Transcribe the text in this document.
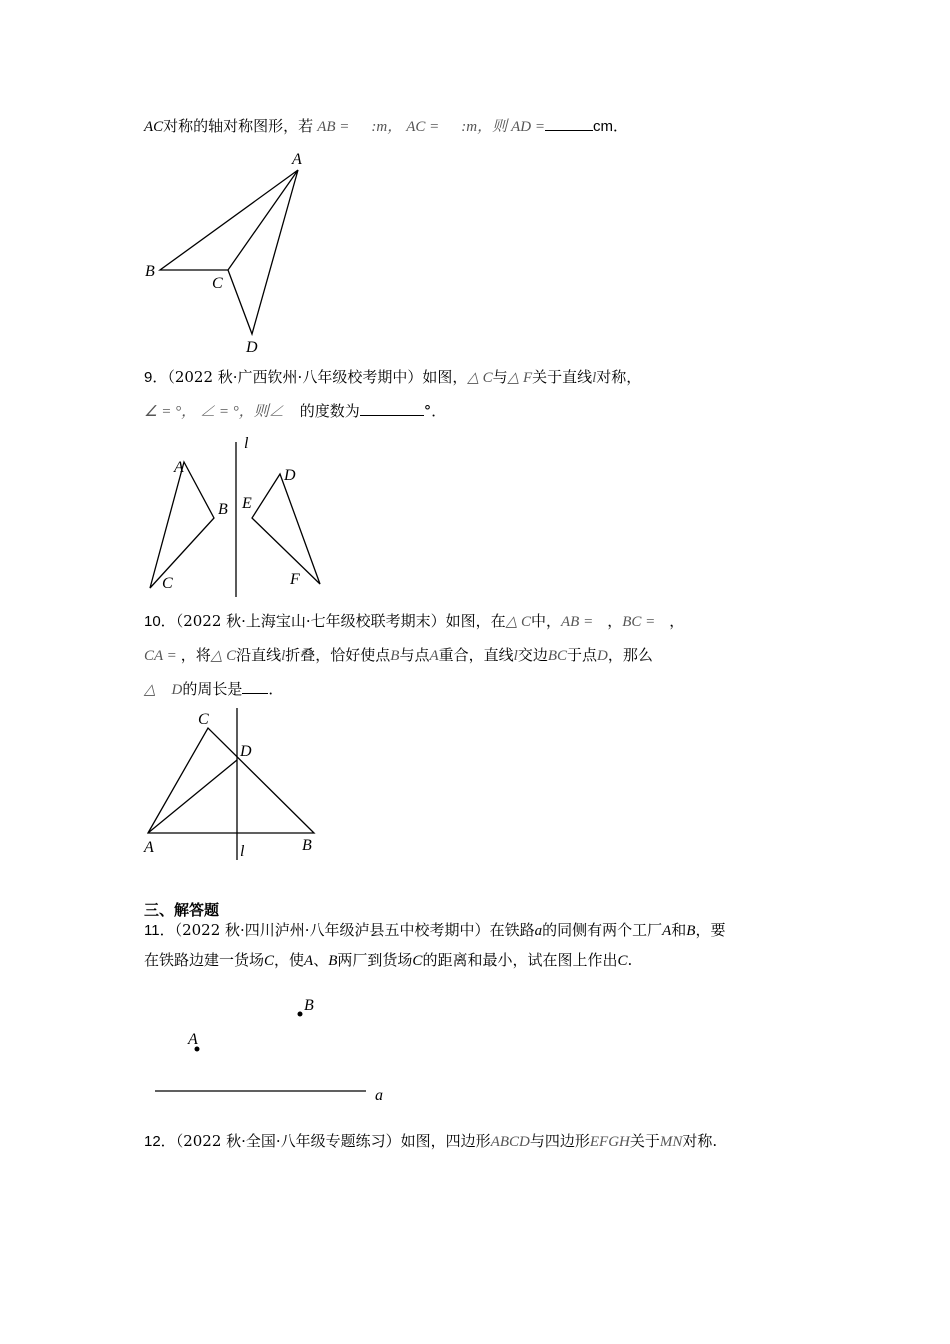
AC对称的轴对称图形，若 AB = :m， AC = :m，则 AD =	cm．
A
B
C
D
9．（2022 秋·广西钦州·八年级校考期中）如图，△ C与△ F关于直线l对称，
∠ = °， ∠ = °，则∠ 的度数为	°．
l
A
B
C
D
E
F
10．（2022 秋·上海宝山·七年级校联考期末）如图，在△ C中，AB = ，BC = ，
CA = ，将△ C沿直线l折叠，恰好使点B与点A重合，直线l交边BC于点D，那么
△ D的周长是 ．
C
D
A	B
l
三、解答题
11．（2022 秋·四川泸州·八年级泸县五中校考期中）在铁路a的同侧有两个工厂A和B，要
在铁路边建一货场C，使A、B两厂到货场C的距离和最小，试在图上作出C.
B
A
a
12．（2022 秋·全国·八年级专题练习）如图，四边形ABCD与四边形EFGH关于MN对称.
